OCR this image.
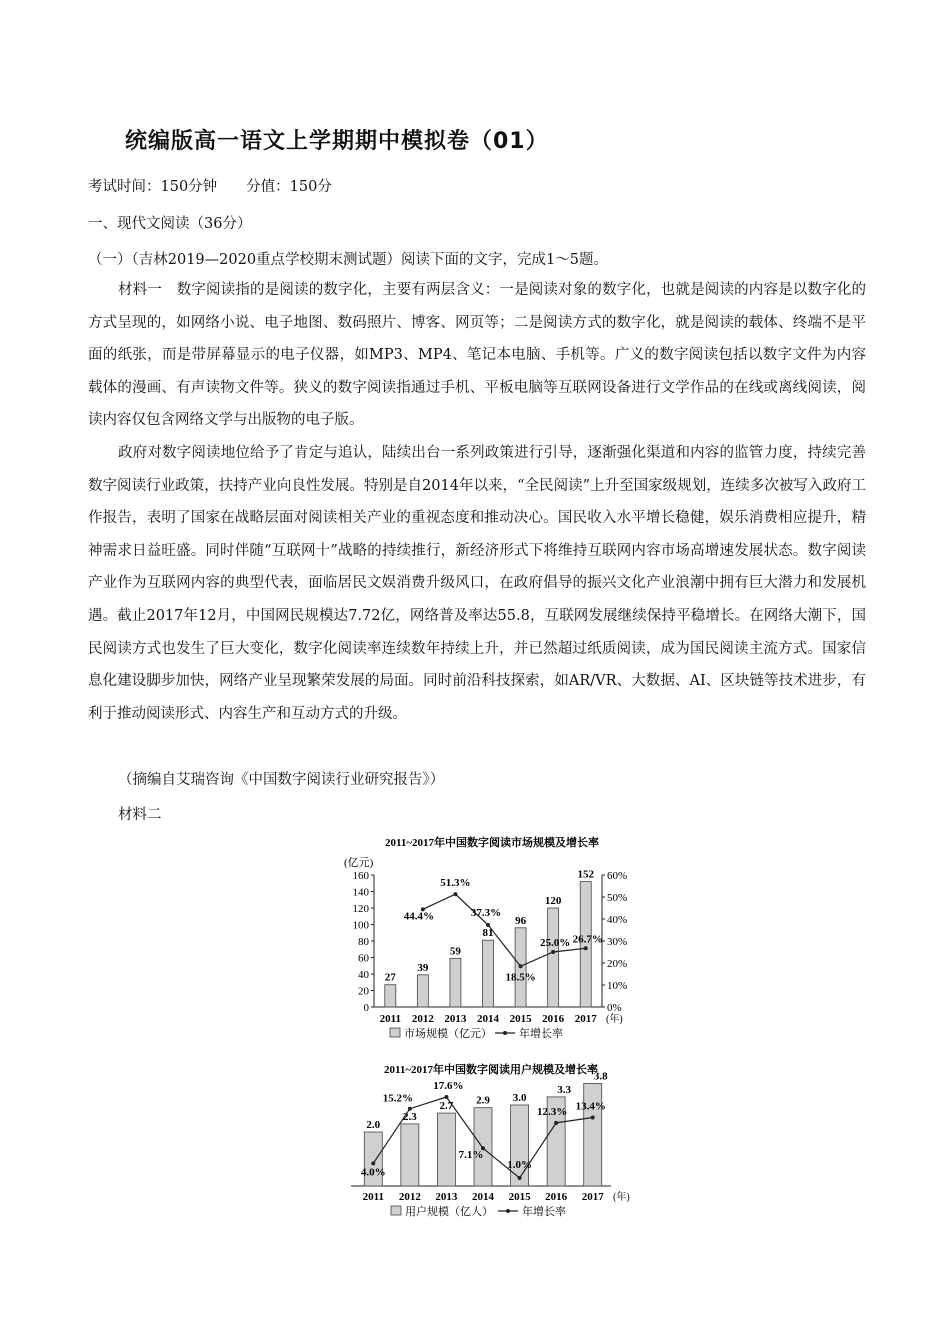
统编版高一语文上学期期中模拟卷（01）
考试时间：150分钟　　分值：150分
一、现代文阅读（36分）
（一）（吉林2019—2020重点学校期末测试题）阅读下面的文字，完成1～5题。

材料一　数字阅读指的是阅读的数字化，主要有两层含义：一是阅读对象的数字化，也就是阅读的内容是以数字化的方式呈现的，如网络小说、电子地图、数码照片、博客、网页等；二是阅读方式的数字化，就是阅读的载体、终端不是平面的纸张，而是带屏幕显示的电子仪器，如MP3、MP4、笔记本电脑、手机等。广义的数字阅读包括以数字文件为内容载体的漫画、有声读物文件等。狭义的数字阅读指通过手机、平板电脑等互联网设备进行文学作品的在线或离线阅读，阅读内容仅包含网络文学与出版物的电子版。

政府对数字阅读地位给予了肯定与追认，陆续出台一系列政策进行引导，逐渐强化渠道和内容的监管力度，持续完善数字阅读行业政策，扶持产业向良性发展。特别是自2014年以来，“全民阅读”上升至国家级规划，连续多次被写入政府工作报告，表明了国家在战略层面对阅读相关产业的重视态度和推动决心。国民收入水平增长稳健，娱乐消费相应提升，精神需求日益旺盛。同时伴随“互联网十”战略的持续推行，新经济形式下将维持互联网内容市场高增速发展状态。数字阅读产业作为互联网内容的典型代表，面临居民文娱消费升级风口，在政府倡导的振兴文化产业浪潮中拥有巨大潜力和发展机遇。截止2017年12月，中国网民规模达7.72亿，网络普及率达55.8，互联网发展继续保持平稳增长。在网络大潮下，国民阅读方式也发生了巨大变化，数字化阅读率连续数年持续上升，并已然超过纸质阅读，成为国民阅读主流方式。国家信息化建设脚步加快，网络产业呈现繁荣发展的局面。同时前沿科技探索，如AR/VR、大数据、AI、区块链等技术进步，有利于推动阅读形式、内容生产和互动方式的升级。

（摘编自艾瑞咨询《中国数字阅读行业研究报告》）
材料二
2011~2017年中国数字阅读市场规模及增长率
(亿元)
0
20
40
60
80
100
120
140
160
0%
10%
20%
30%
40%
50%
60%
2011 2012 2013 2014 2015 2016 2017 (年)
27
39
59
81
96
120
152
44.4%
51.3%
37.3%
18.5%
25.0% 26.7%
市场规模（亿元） 年增长率
2011~2017年中国数字阅读用户规模及增长率
2011 2012 2013 2014 2015 2016 2017 (年)
2.0
2.3
2.7 2.9 3.0
3.3
3.8
4.0%
15.2%
17.6%
7.1%
1.0%
12.3% 13.4%
用户规模（亿人）	年增长率
